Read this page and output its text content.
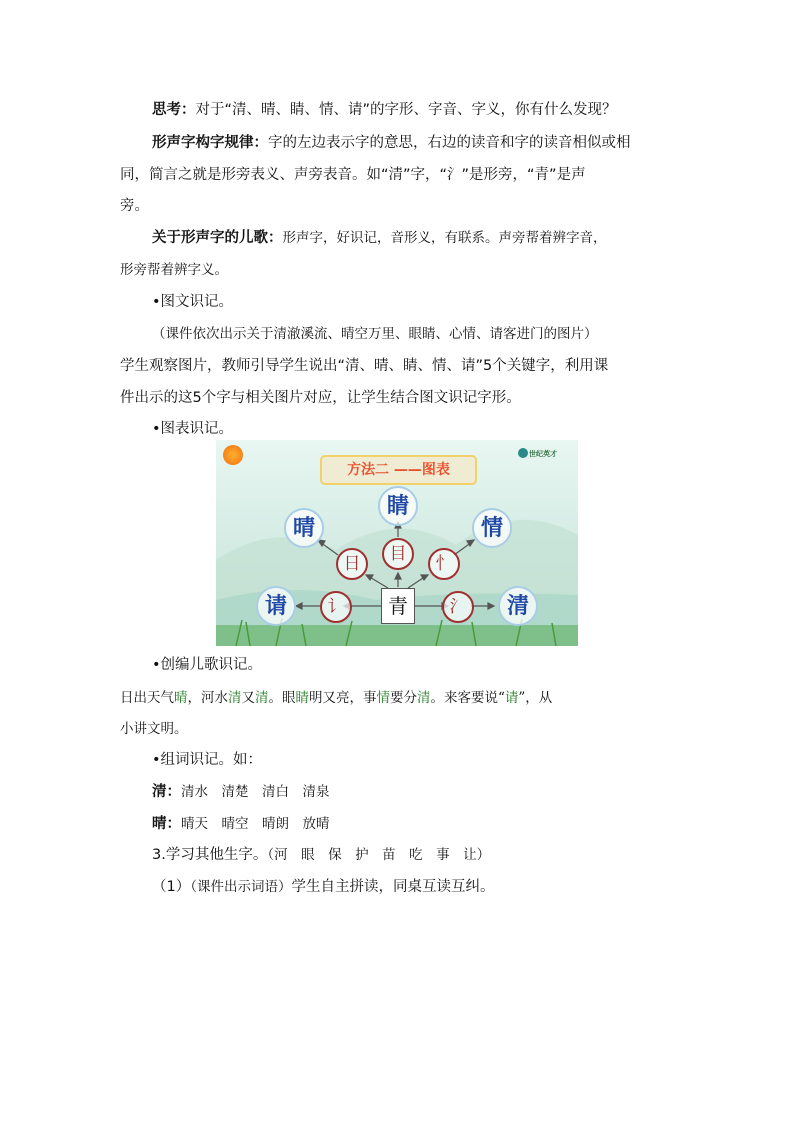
思考：对于“清、晴、睛、情、请”的字形、字音、字义，你有什么发现？
形声字构字规律：字的左边表示字的意思，右边的读音和字的读音相似或相
同，简言之就是形旁表义、声旁表音。如“清”字，“氵”是形旁，“青”是声
旁。
关于形声字的儿歌：形声字，好识记，音形义，有联系。声旁帮着辨字音，
形旁帮着辨字义。
•图文识记。
（课件依次出示关于清澈溪流、晴空万里、眼睛、心情、请客进门的图片）
学生观察图片，教师引导学生说出“清、晴、睛、情、请”5个关键字，利用课
件出示的这5个字与相关图片对应，让学生结合图文识记字形。
•图表识记。
方法二 ——图表
世纪英才
青
日	目	忄
讠	氵
晴
睛
情
请	清
•创编儿歌识记。
日出天气晴，河水清又清。眼睛明又亮，事情要分清。来客要说“请”，从
小讲文明。
•组词识记。如：
清：清水　清楚　清白　清泉
晴：晴天　晴空　晴朗　放晴
3.学习其他生字。（河　眼　保　护　苗　吃　事　让）
（1）（课件出示词语）学生自主拼读，同桌互读互纠。
